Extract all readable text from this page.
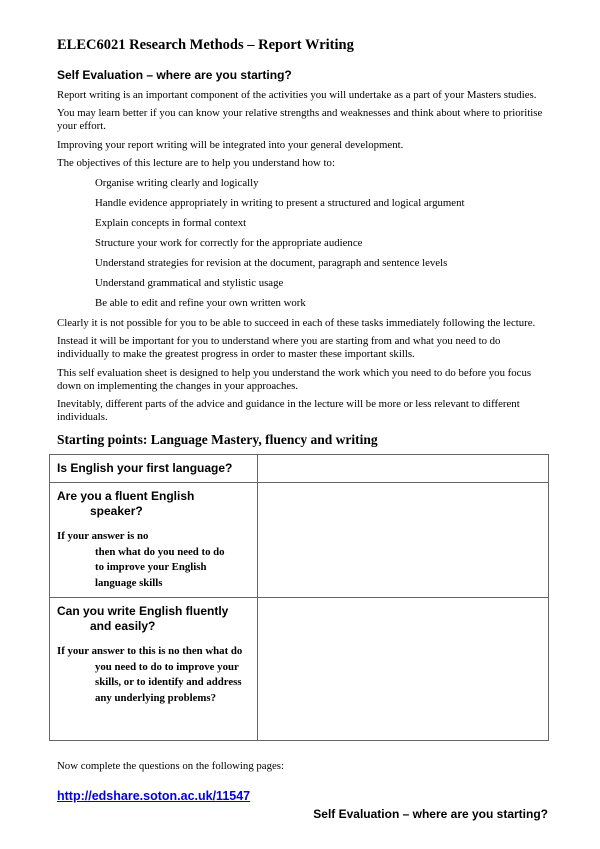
ELEC6021 Research Methods – Report Writing
Self Evaluation – where are you starting?

Report writing is an important component of the activities you will undertake as a part of your Masters studies.

You may learn better if you can know your relative strengths and weaknesses and think about where to prioritise your effort.

Improving your report writing will be integrated into your general development.

The objectives of this lecture are to help you understand how to:

Organise writing clearly and logically
Handle evidence appropriately in writing to present a structured and logical argument
Explain concepts in formal context
Structure your work for correctly for the appropriate audience
Understand strategies for revision at the document, paragraph and sentence levels
Understand grammatical and stylistic usage
Be able to edit and refine your own written work

Clearly it is not possible for you to be able to succeed in each of these tasks immediately following the lecture.

Instead it will be important for you to understand where you are starting from and what you need to do individually to make the greatest progress in order to master these important skills.

This self evaluation sheet is designed to help you understand the work which you need to do before you focus down on implementing the changes in your approaches.

Inevitably, different parts of the advice and guidance in the lecture will be more or less relevant to different individuals.

Starting points: Language Mastery, fluency and writing
Is English your first language?	

Are you a fluent English
speaker?
If your answer is no
then what do you need to do
to improve your English
language skills

Can you write English fluently
and easily?
If your answer to this is no then what do
you need to do to improve your
skills, or to identify and address
any underlying problems?

Now complete the questions on the following pages:

http://edshare.soton.ac.uk/11547
Self Evaluation – where are you starting?
